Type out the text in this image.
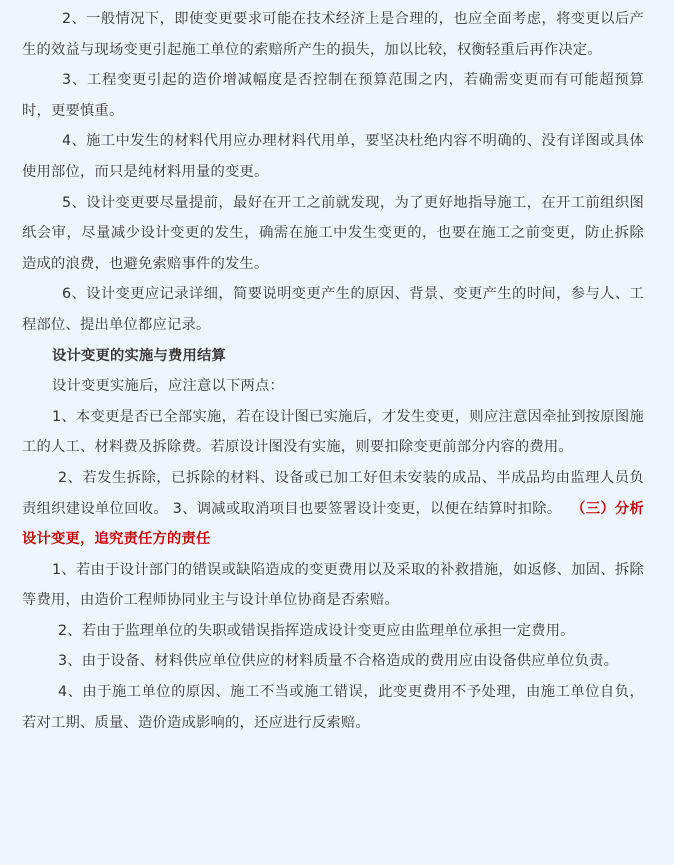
2、一般情况下，即使变更要求可能在技术经济上是合理的，也应全面考虑，将变更以后产生的效益与现场变更引起施工单位的索赔所产生的损失，加以比较，权衡轻重后再作决定。

3、工程变更引起的造价增减幅度是否控制在预算范围之内，若确需变更而有可能超预算时，更要慎重。

4、施工中发生的材料代用应办理材料代用单，要坚决杜绝内容不明确的、没有详图或具体使用部位，而只是纯材料用量的变更。

5、设计变更要尽量提前，最好在开工之前就发现，为了更好地指导施工，在开工前组织图纸会审，尽量减少设计变更的发生，确需在施工中发生变更的，也要在施工之前变更，防止拆除造成的浪费，也避免索赔事件的发生。

6、设计变更应记录详细，简要说明变更产生的原因、背景、变更产生的时间，参与人、工程部位、提出单位都应记录。

设计变更的实施与费用结算

设计变更实施后，应注意以下两点：

1、本变更是否已全部实施，若在设计图已实施后，才发生变更，则应注意因牵扯到按原图施工的人工、材料费及拆除费。若原设计图没有实施，则要扣除变更前部分内容的费用。

2、若发生拆除，已拆除的材料、设备或已加工好但未安装的成品、半成品均由监理人员负责组织建设单位回收。 3、调减或取消项目也要签署设计变更，以便在结算时扣除。 （三）分析设计变更，追究责任方的责任

1、若由于设计部门的错误或缺陷造成的变更费用以及采取的补救措施，如返修、加固、拆除等费用，由造价工程师协同业主与设计单位协商是否索赔。

2、若由于监理单位的失职或错误指挥造成设计变更应由监理单位承担一定费用。

3、由于设备、材料供应单位供应的材料质量不合格造成的费用应由设备供应单位负责。

4、由于施工单位的原因、施工不当或施工错误，此变更费用不予处理，由施工单位自负，若对工期、质量、造价造成影响的，还应进行反索赔。
